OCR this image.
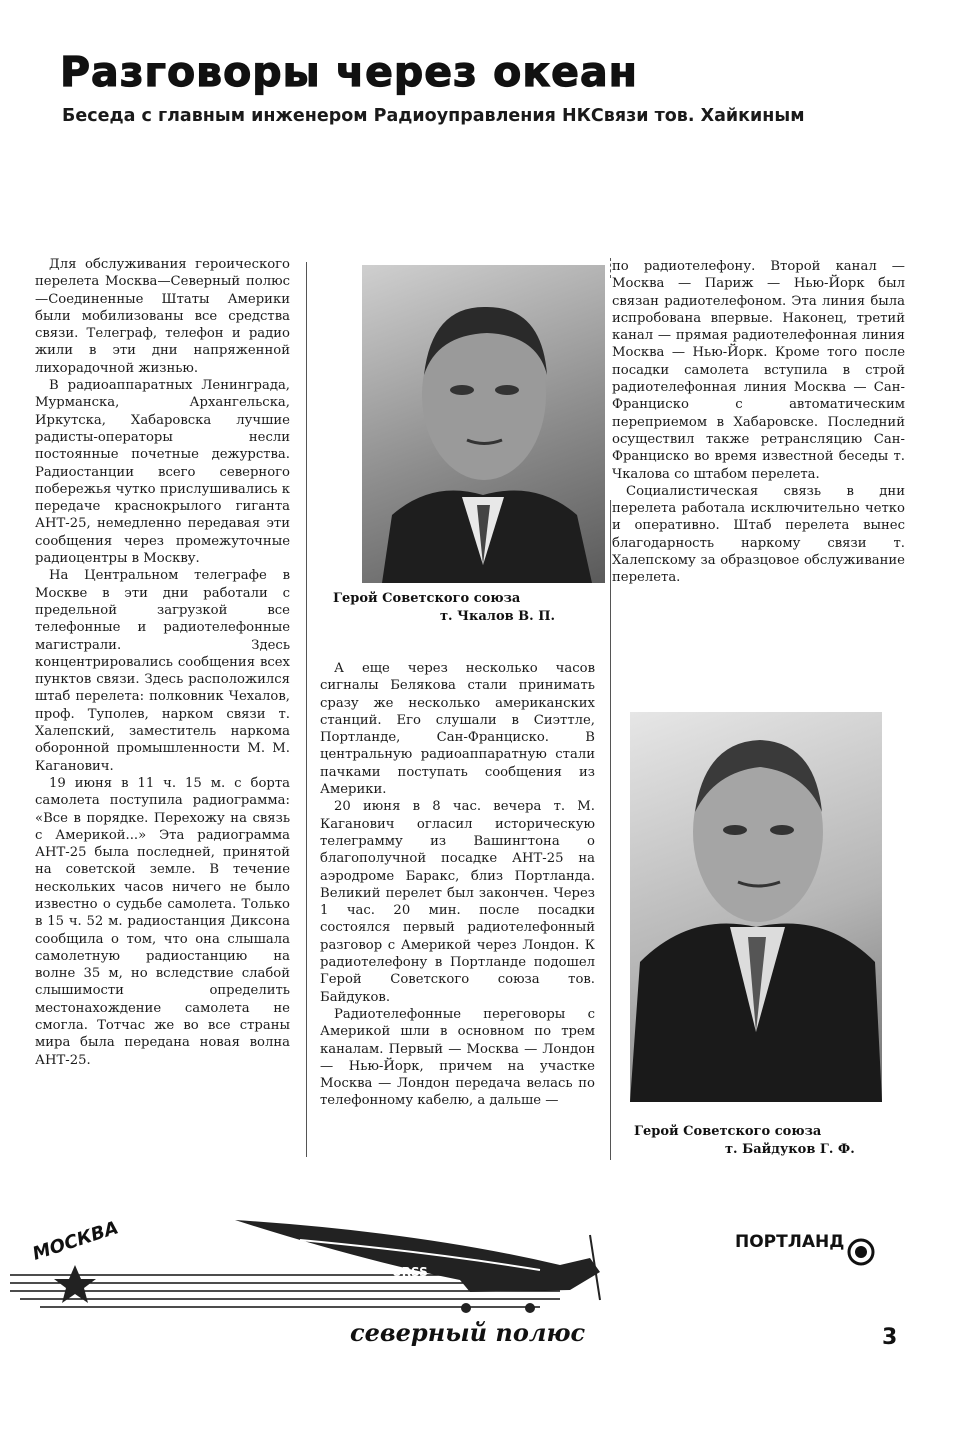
Разговоры через океан
Беседа с главным инженером Радиоуправления НКСвязи тов. Хайкиным

Для обслуживания героического перелета Москва—Северный полюс—Соединенные Штаты Америки были мобилизованы все средства связи. Телеграф, телефон и радио жили в эти дни напряженной лихорадочной жизнью.

В радиоаппаратных Ленинграда, Мурманска, Архангельска, Иркутска, Хабаровска лучшие радисты-операторы несли постоянные почетные дежурства. Радиостанции всего северного побережья чутко прислушивались к передаче краснокрылого гиганта АНТ-25, немедленно передавая эти сообщения через промежуточные радиоцентры в Москву.

На Центральном телеграфе в Москве в эти дни работали с предельной загрузкой все телефонные и радиотелефонные магистрали. Здесь концентрировались сообщения всех пунктов связи. Здесь расположился штаб перелета: полковник Чехалов, проф. Туполев, нарком связи т. Халепский, заместитель наркома оборонной промышленности М. М. Каганович.

19 июня в 11 ч. 15 м. с борта самолета поступила радиограмма: «Все в порядке. Перехожу на связь с Америкой...» Эта радиограмма АНТ-25 была последней, принятой на советской земле. В течение нескольких часов ничего не было известно о судьбе самолета. Только в 15 ч. 52 м. радиостанция Диксона сообщила о том, что она слышала самолетную радиостанцию на волне 35 м, но вследствие слабой слышимости определить местонахождение самолета не смогла. Тотчас же во все страны мира была передана новая волна АНТ-25.

Герой Советского союза
т. Чкалов В. П.

А еще через несколько часов сигналы Белякова стали принимать сразу же несколько американских станций. Его слушали в Сиэттле, Портланде, Сан-Франциско. В центральную радиоаппаратную стали пачками поступать сообщения из Америки.

20 июня в 8 час. вечера т. М. Каганович огласил историческую телеграмму из Вашингтона о благополучной посадке АНТ-25 на аэродроме Баракс, близ Портланда. Великий перелет был закончен. Через 1 час. 20 мин. после посадки состоялся первый радиотелефонный разговор с Америкой через Лондон. К радиотелефону в Портланде подошел Герой Советского союза тов. Байдуков.

Радиотелефонные переговоры с Америкой шли в основном по трем каналам. Первый — Москва — Лондон — Нью-Йорк, причем на участке Москва — Лондон передача велась по телефонному кабелю, а дальше —

по радиотелефону. Второй канал — Москва — Париж — Нью-Йорк был связан радиотелефоном. Эта линия была испробована впервые. Наконец, третий канал — прямая радиотелефонная линия Москва — Нью-Йорк. Кроме того после посадки самолета вступила в строй радиотелефонная линия Москва — Сан-Франциско с автоматическим переприемом в Хабаровске. Последний осуществил также ретрансляцию Сан-Франциско во время известной беседы т. Чкалова со штабом перелета.

Социалистическая связь в дни перелета работала исключительно четко и оперативно. Штаб перелета вынес благодарность наркому связи т. Халепскому за образцовое обслуживание перелета.

Герой Советского союза
т. Байдуков Г. Ф.
URSS
МОСКВА	ПОРТЛАНД
северный полюс	3
